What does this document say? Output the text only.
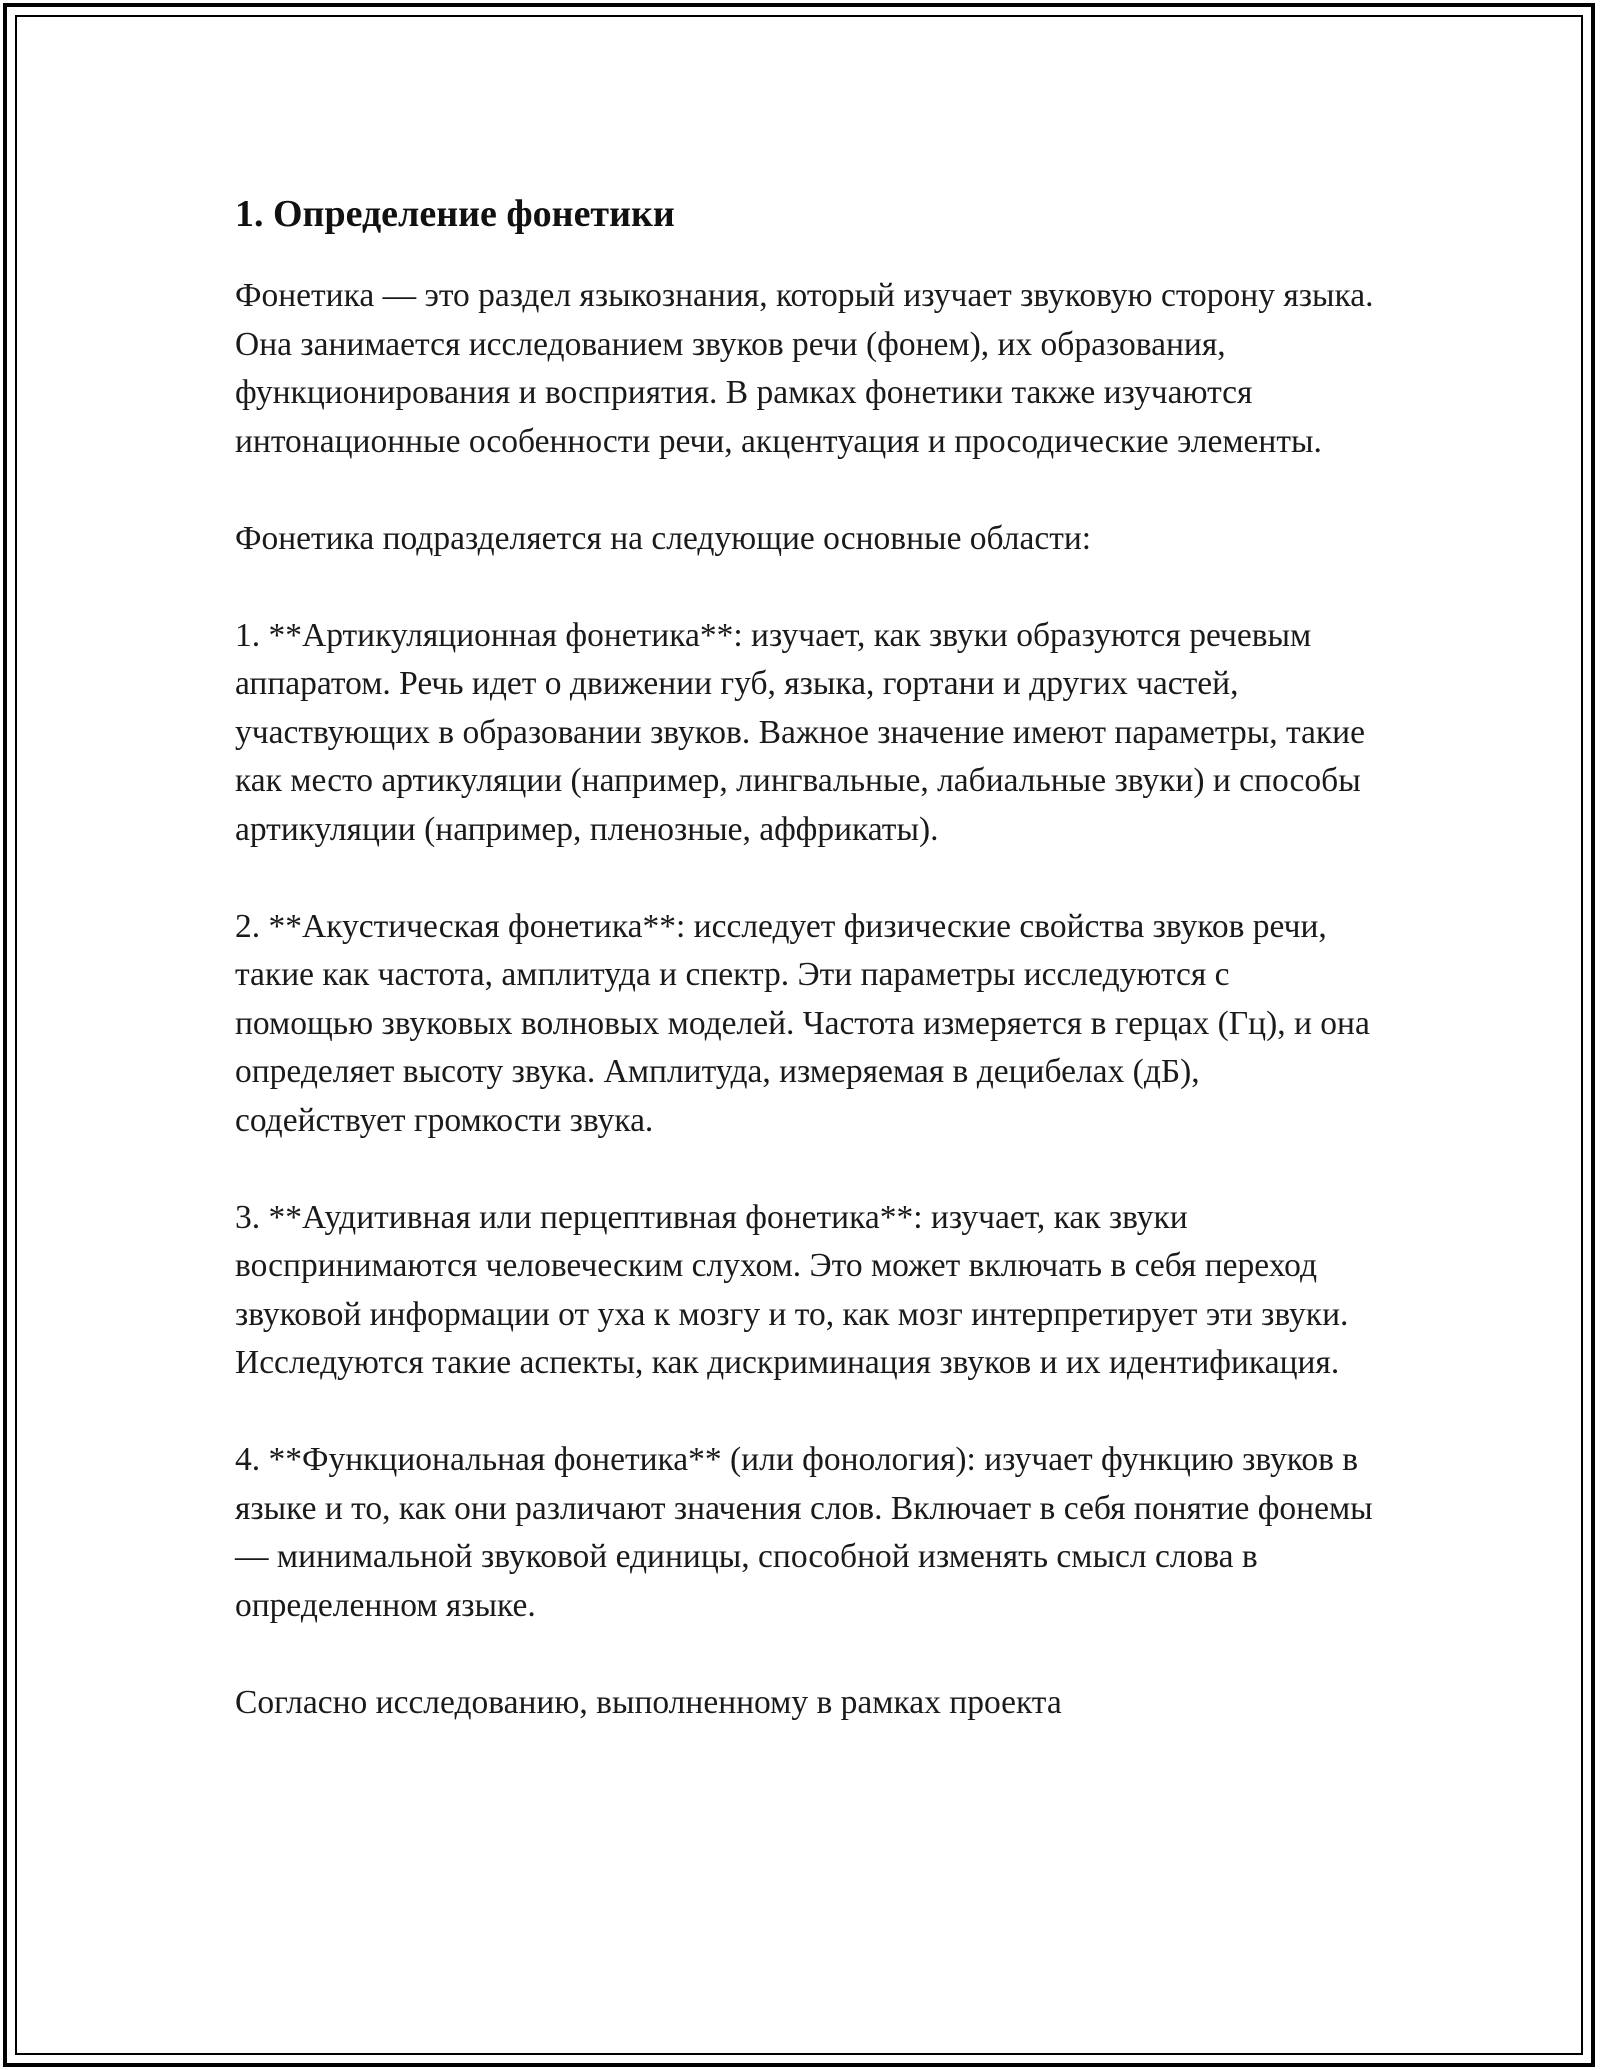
1. Определение фонетики

Фонетика — это раздел языкознания, который изучает звуковую сторону языка. Она занимается исследованием звуков речи (фонем), их образования, функционирования и восприятия. В рамках фонетики также изучаются интонационные особенности речи, акцентуация и просодические элементы.

Фонетика подразделяется на следующие основные области:

1. **Артикуляционная фонетика**: изучает, как звуки образуются речевым аппаратом. Речь идет о движении губ, языка, гортани и других частей, участвующих в образовании звуков. Важное значение имеют параметры, такие как место артикуляции (например, лингвальные, лабиальные звуки) и способы артикуляции (например, пленозные, аффрикаты).

2. **Акустическая фонетика**: исследует физические свойства звуков речи, такие как частота, амплитуда и спектр. Эти параметры исследуются с помощью звуковых волновых моделей. Частота измеряется в герцах (Гц), и она определяет высоту звука. Амплитуда, измеряемая в децибелах (дБ), содействует громкости звука.

3. **Аудитивная или перцептивная фонетика**: изучает, как звуки воспринимаются человеческим слухом. Это может включать в себя переход звуковой информации от уха к мозгу и то, как мозг интерпретирует эти звуки. Исследуются такие аспекты, как дискриминация звуков и их идентификация.

4. **Функциональная фонетика** (или фонология): изучает функцию звуков в языке и то, как они различают значения слов. Включает в себя понятие фонемы — минимальной звуковой единицы, способной изменять смысл слова в определенном языке.

Согласно исследованию, выполненному в рамках проекта
